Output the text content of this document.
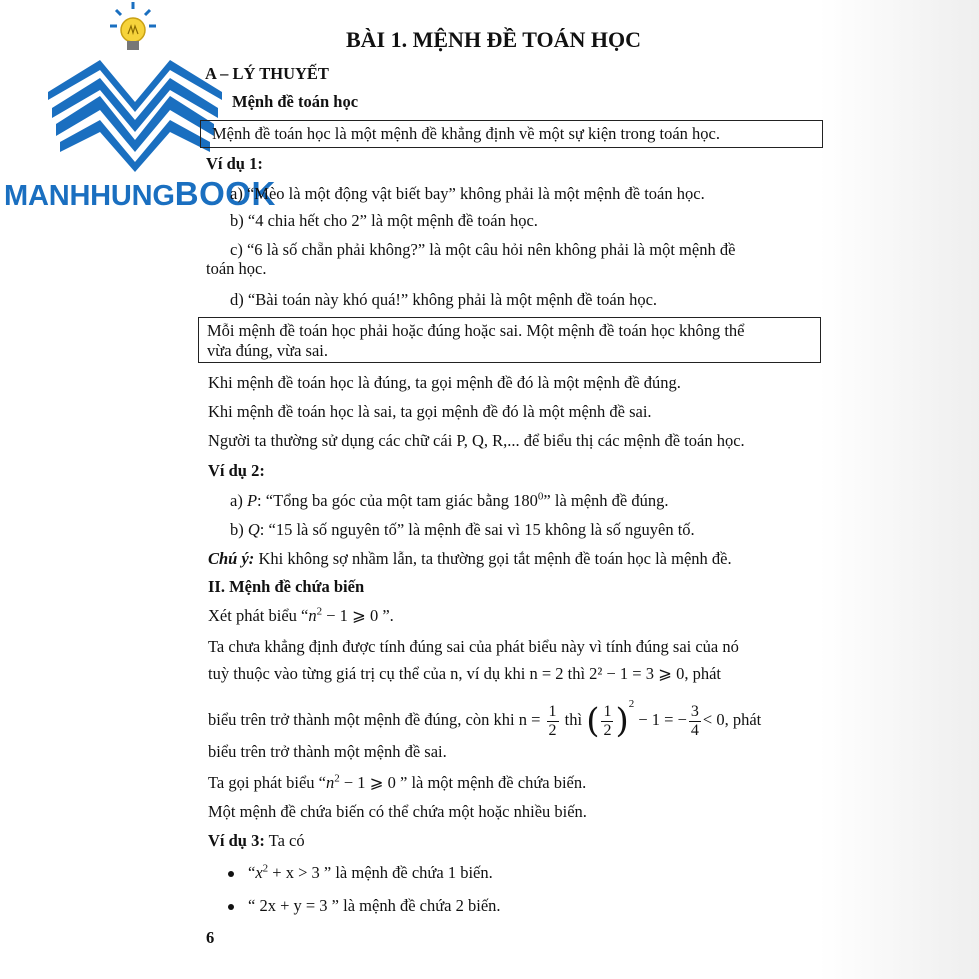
MANHHUNGBOOK
BÀI 1. MỆNH ĐỀ TOÁN HỌC
A – LÝ THUYẾT
Mệnh đề toán học
Mệnh đề toán học là một mệnh đề khẳng định về một sự kiện trong toán học.
Ví dụ 1:
a) “Mèo là một động vật biết bay” không phải là một mệnh đề toán học.
b) “4 chia hết cho 2” là một mệnh đề toán học.
c) “6 là số chẵn phải không?” là một câu hỏi nên không phải là một mệnh đề
toán học.
d) “Bài toán này khó quá!” không phải là một mệnh đề toán học.
Mỗi mệnh đề toán học phải hoặc đúng hoặc sai. Một mệnh đề toán học không thể
vừa đúng, vừa sai.
Khi mệnh đề toán học là đúng, ta gọi mệnh đề đó là một mệnh đề đúng.
Khi mệnh đề toán học là sai, ta gọi mệnh đề đó là một mệnh đề sai.
Người ta thường sử dụng các chữ cái P, Q, R,... để biểu thị các mệnh đề toán học.
Ví dụ 2:
a) P: “Tổng ba góc của một tam giác bằng $180^0$” là mệnh đề đúng.
b) Q: “15 là số nguyên tố” là mệnh đề sai vì 15 không là số nguyên tố.
Chú ý: Khi không sợ nhầm lẫn, ta thường gọi tắt mệnh đề toán học là mệnh đề.
II. Mệnh đề chứa biến
Xét phát biểu “$n^2 - 1$ ⩾ 0 ”.
Ta chưa khẳng định được tính đúng sai của phát biểu này vì tính đúng sai của nó
tuỳ thuộc vào từng giá trị cụ thể của n, ví dụ khi n = 2 thì 2² − 1 = 3 ⩾ 0, phát
biểu trên trở thành một mệnh đề đúng, còn khi $n = \frac{1}{2}$ thì ( $\frac{1}{2} )^2 - 1$ = − $\frac{3}{4} < 0$, phát
biểu trên trở thành một mệnh đề sai.
Ta gọi phát biểu “$n^2 - 1$ ⩾ 0 ” là một mệnh đề chứa biến.
Một mệnh đề chứa biến có thể chứa một hoặc nhiều biến.
Ví dụ 3: Ta có
“$x^2 + x > 3$ ” là mệnh đề chứa 1 biến.
“ 2x + y = 3 ” là mệnh đề chứa 2 biến.
6
